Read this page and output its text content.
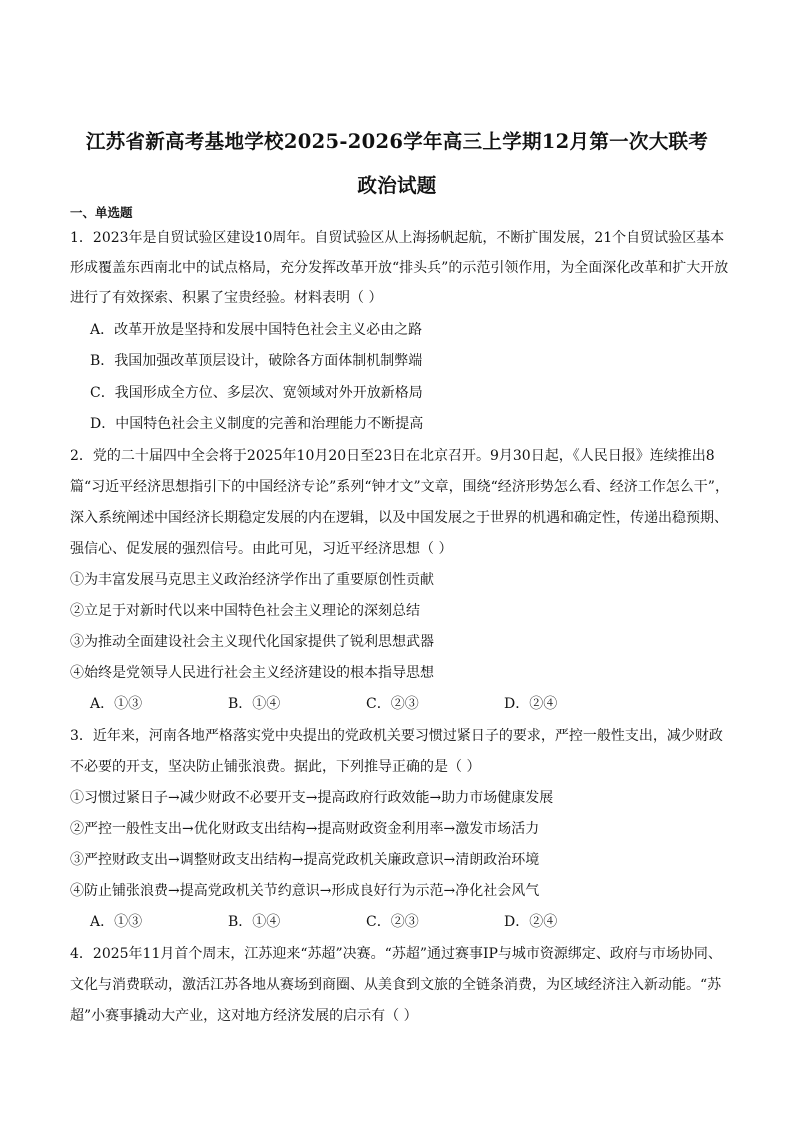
江苏省新高考基地学校2025-2026学年高三上学期12月第一次大联考
政治试题
一、单选题
1．2023年是自贸试验区建设10周年。自贸试验区从上海扬帆起航，不断扩围发展，21个自贸试验区基本
形成覆盖东西南北中的试点格局，充分发挥改革开放“排头兵”的示范引领作用，为全面深化改革和扩大开放
进行了有效探索、积累了宝贵经验。材料表明（ ）
A．改革开放是坚持和发展中国特色社会主义必由之路
B．我国加强改革顶层设计，破除各方面体制机制弊端
C．我国形成全方位、多层次、宽领域对外开放新格局
D．中国特色社会主义制度的完善和治理能力不断提高
2．党的二十届四中全会将于2025年10月20日至23日在北京召开。9月30日起，《人民日报》连续推出8
篇“习近平经济思想指引下的中国经济专论”系列“钟才文”文章，围绕“经济形势怎么看、经济工作怎么干”，
深入系统阐述中国经济长期稳定发展的内在逻辑，以及中国发展之于世界的机遇和确定性，传递出稳预期、
强信心、促发展的强烈信号。由此可见，习近平经济思想（ ）
①为丰富发展马克思主义政治经济学作出了重要原创性贡献
②立足于对新时代以来中国特色社会主义理论的深刻总结
③为推动全面建设社会主义现代化国家提供了锐利思想武器
④始终是党领导人民进行社会主义经济建设的根本指导思想
A．①③	B．①④	C．②③	D．②④
3．近年来，河南各地严格落实党中央提出的党政机关要习惯过紧日子的要求，严控一般性支出，减少财政
不必要的开支，坚决防止铺张浪费。据此，下列推导正确的是（ ）
①习惯过紧日子→减少财政不必要开支→提高政府行政效能→助力市场健康发展
②严控一般性支出→优化财政支出结构→提高财政资金利用率→激发市场活力
③严控财政支出→调整财政支出结构→提高党政机关廉政意识→清朗政治环境
④防止铺张浪费→提高党政机关节约意识→形成良好行为示范→净化社会风气
A．①③	B．①④	C．②③	D．②④
4．2025年11月首个周末，江苏迎来“苏超”决赛。“苏超”通过赛事IP与城市资源绑定、政府与市场协同、
文化与消费联动，激活江苏各地从赛场到商圈、从美食到文旅的全链条消费，为区域经济注入新动能。“苏
超”小赛事撬动大产业，这对地方经济发展的启示有（ ）
